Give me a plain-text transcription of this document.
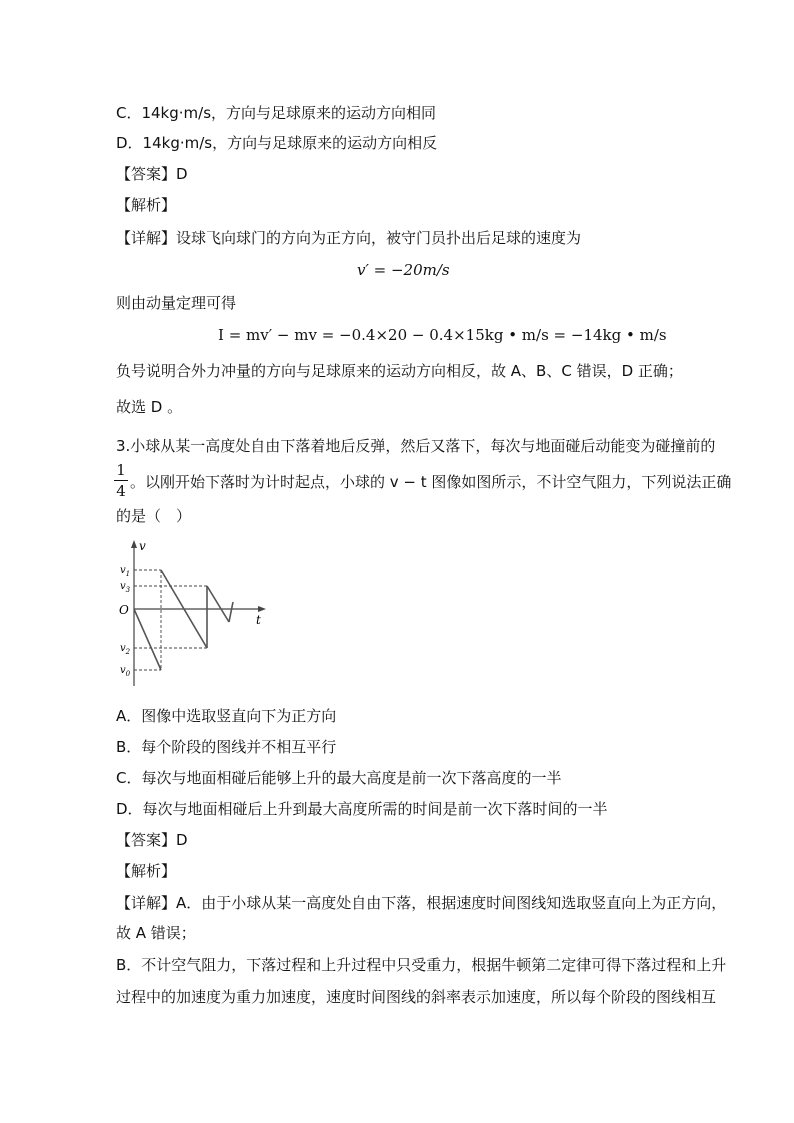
C．14kg·m/s，方向与足球原来的运动方向相同
D．14kg·m/s，方向与足球原来的运动方向相反
【答案】D
【解析】
【详解】设球飞向球门的方向为正方向，被守门员扑出后足球的速度为
v′ = −20m/s
则由动量定理可得
I = mv′ − mv = −0.4×20 − 0.4×15kg • m/s = −14kg • m/s
负号说明合外力冲量的方向与足球原来的运动方向相反，故 A、B、C 错误，D 正确；
故选 D 。
3.小球从某一高度处自由下落着地后反弹，然后又落下，每次与地面碰后动能变为碰撞前的
1
4 。以刚开始下落时为计时起点，小球的 v − t 图像如图所示，不计空气阻力，下列说法正确
的是（　）
v
t
O
$v_1$
$v_3$
$v_2$
$v_0$
A．图像中选取竖直向下为正方向
B．每个阶段的图线并不相互平行
C．每次与地面相碰后能够上升的最大高度是前一次下落高度的一半
D．每次与地面相碰后上升到最大高度所需的时间是前一次下落时间的一半
【答案】D
【解析】
【详解】A．由于小球从某一高度处自由下落，根据速度时间图线知选取竖直向上为正方向，
故 A 错误；
B．不计空气阻力，下落过程和上升过程中只受重力，根据牛顿第二定律可得下落过程和上升
过程中的加速度为重力加速度，速度时间图线的斜率表示加速度，所以每个阶段的图线相互
